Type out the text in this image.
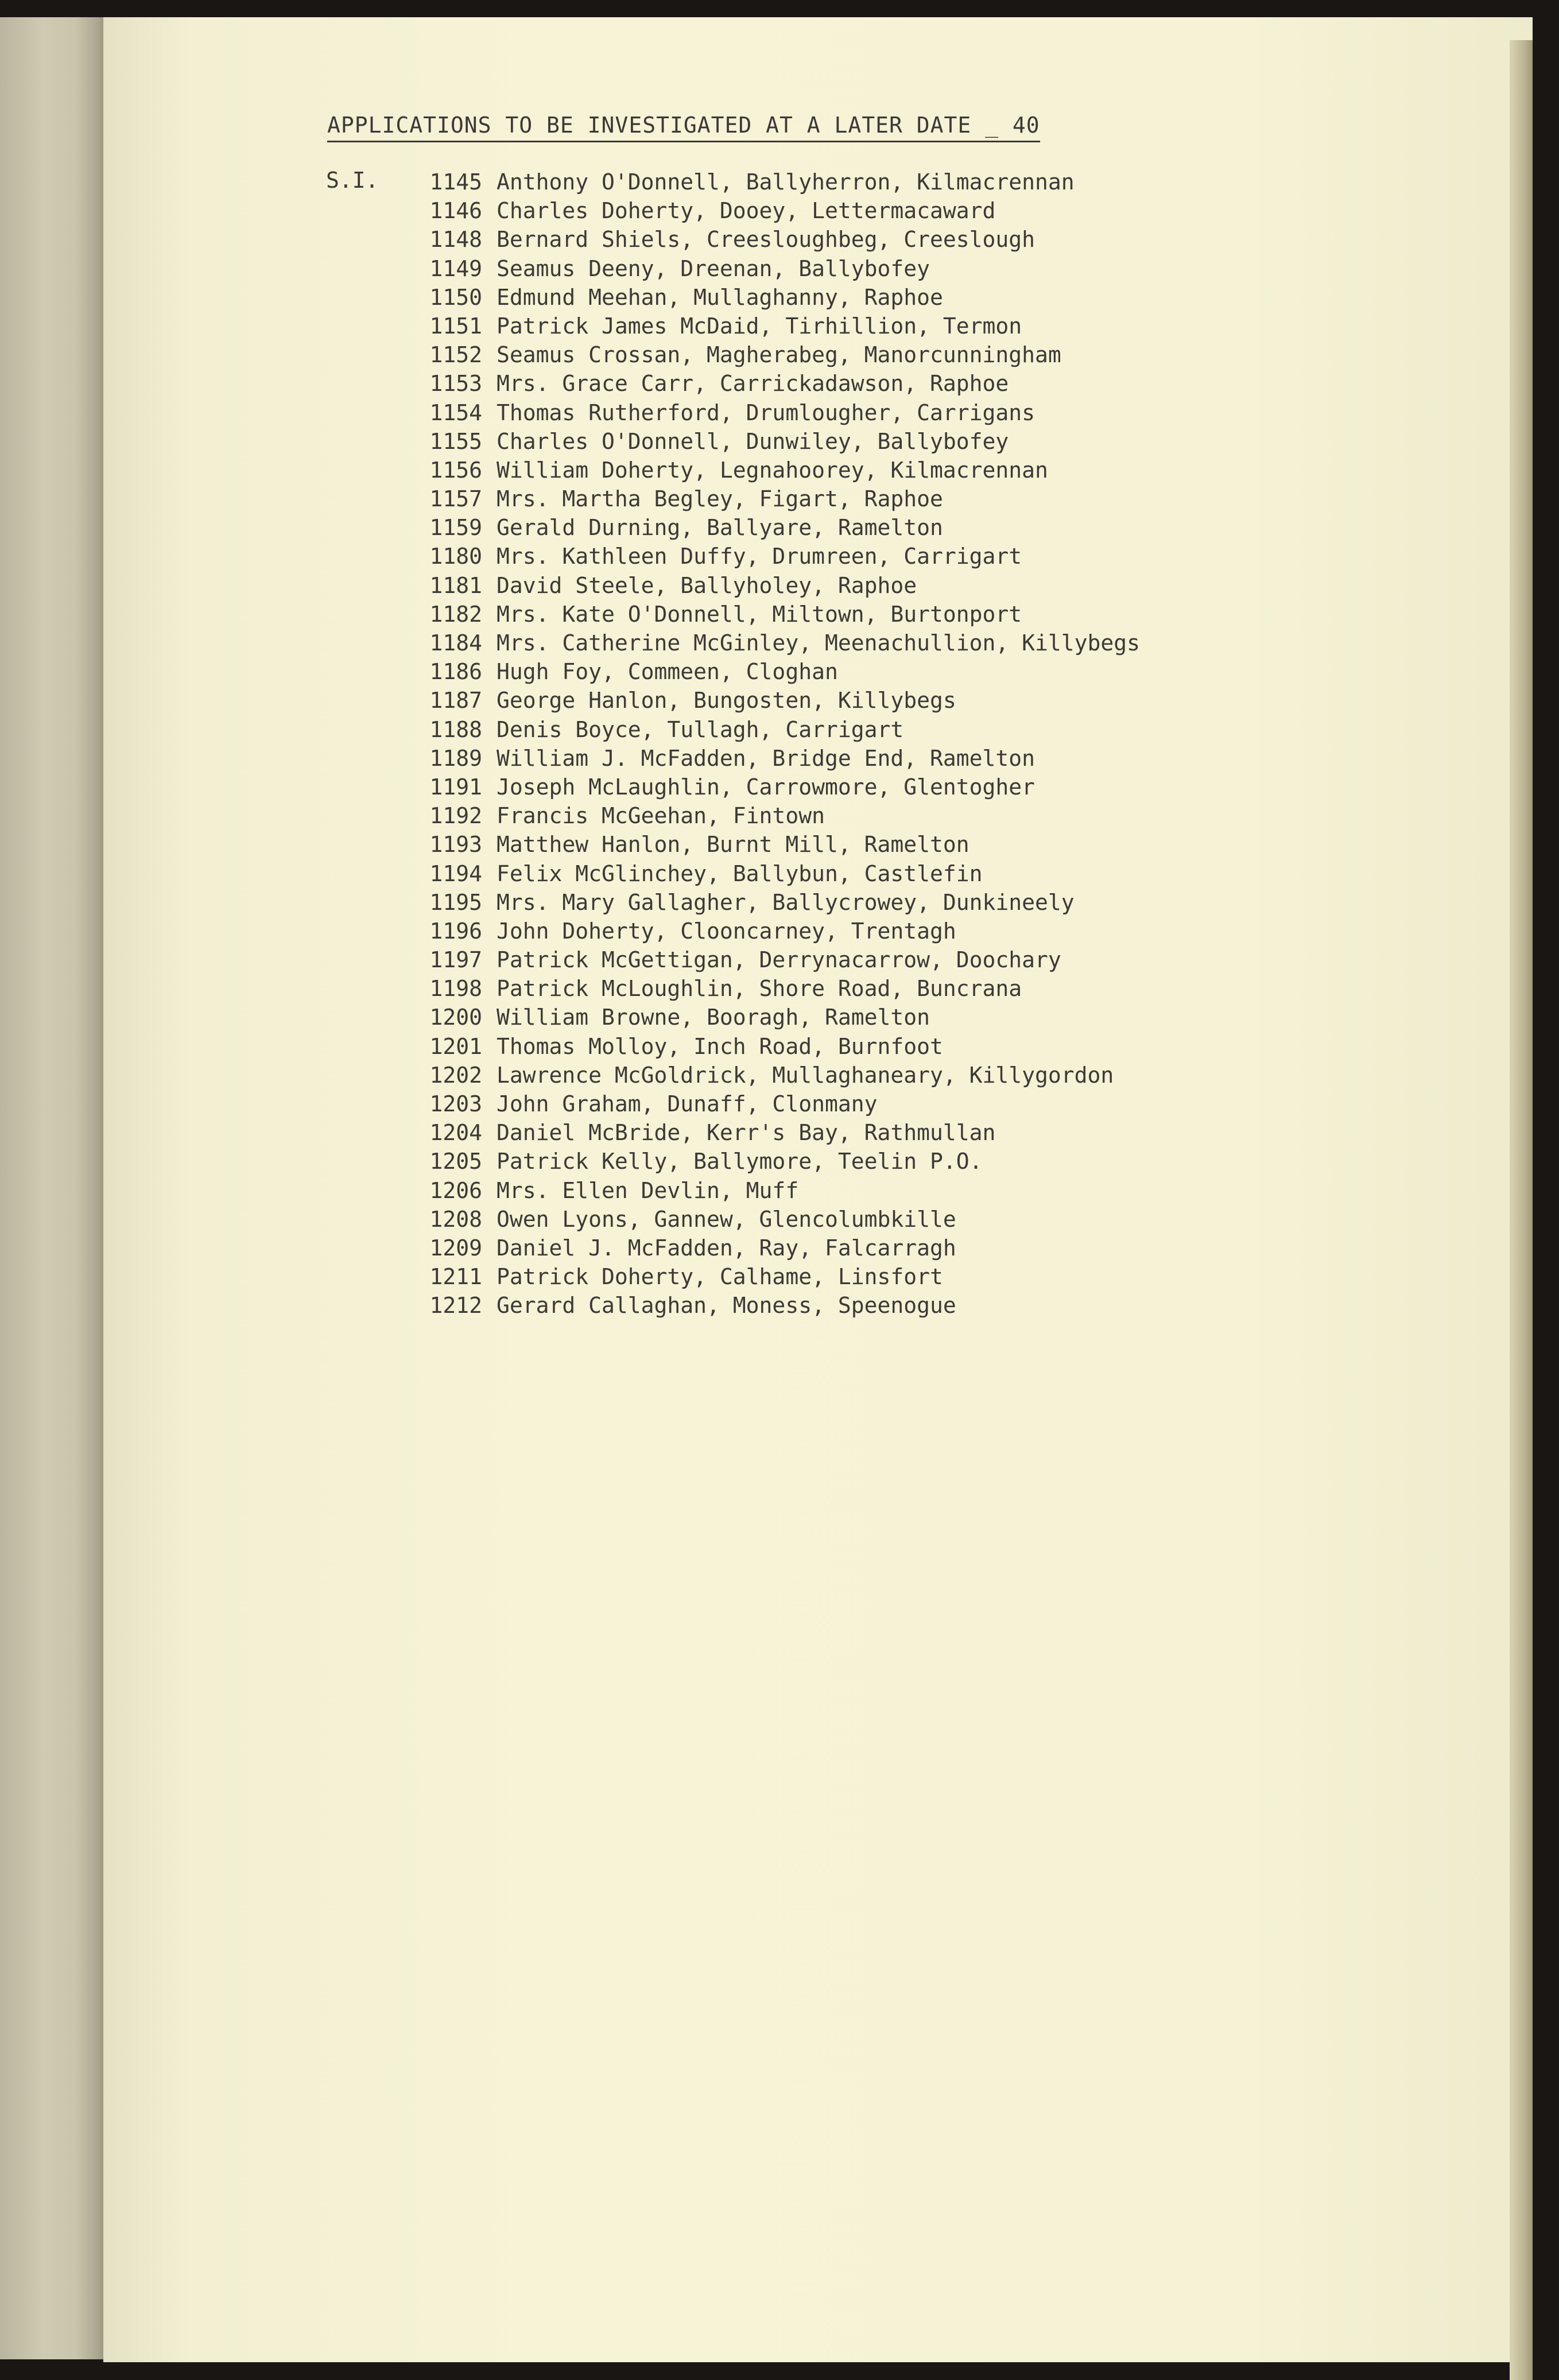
APPLICATIONS TO BE INVESTIGATED AT A LATER DATE _ 40
S.I.	1145 Anthony O'Donnell, Ballyherron, Kilmacrennan
1146 Charles Doherty, Dooey, Lettermacaward
1148 Bernard Shiels, Creesloughbeg, Creeslough
1149 Seamus Deeny, Dreenan, Ballybofey
1150 Edmund Meehan, Mullaghanny, Raphoe
1151 Patrick James McDaid, Tirhillion, Termon
1152 Seamus Crossan, Magherabeg, Manorcunningham
1153 Mrs. Grace Carr, Carrickadawson, Raphoe
1154 Thomas Rutherford, Drumlougher, Carrigans
1155 Charles O'Donnell, Dunwiley, Ballybofey
1156 William Doherty, Legnahoorey, Kilmacrennan
1157 Mrs. Martha Begley, Figart, Raphoe
1159 Gerald Durning, Ballyare, Ramelton
1180 Mrs. Kathleen Duffy, Drumreen, Carrigart
1181 David Steele, Ballyholey, Raphoe
1182 Mrs. Kate O'Donnell, Miltown, Burtonport
1184 Mrs. Catherine McGinley, Meenachullion, Killybegs
1186 Hugh Foy, Commeen, Cloghan
1187 George Hanlon, Bungosten, Killybegs
1188 Denis Boyce, Tullagh, Carrigart
1189 William J. McFadden, Bridge End, Ramelton
1191 Joseph McLaughlin, Carrowmore, Glentogher
1192 Francis McGeehan, Fintown
1193 Matthew Hanlon, Burnt Mill, Ramelton
1194 Felix McGlinchey, Ballybun, Castlefin
1195 Mrs. Mary Gallagher, Ballycrowey, Dunkineely
1196 John Doherty, Clooncarney, Trentagh
1197 Patrick McGettigan, Derrynacarrow, Doochary
1198 Patrick McLoughlin, Shore Road, Buncrana
1200 William Browne, Booragh, Ramelton
1201 Thomas Molloy, Inch Road, Burnfoot
1202 Lawrence McGoldrick, Mullaghaneary, Killygordon
1203 John Graham, Dunaff, Clonmany
1204 Daniel McBride, Kerr's Bay, Rathmullan
1205 Patrick Kelly, Ballymore, Teelin P.O.
1206 Mrs. Ellen Devlin, Muff
1208 Owen Lyons, Gannew, Glencolumbkille
1209 Daniel J. McFadden, Ray, Falcarragh
1211 Patrick Doherty, Calhame, Linsfort
1212 Gerard Callaghan, Moness, Speenogue
